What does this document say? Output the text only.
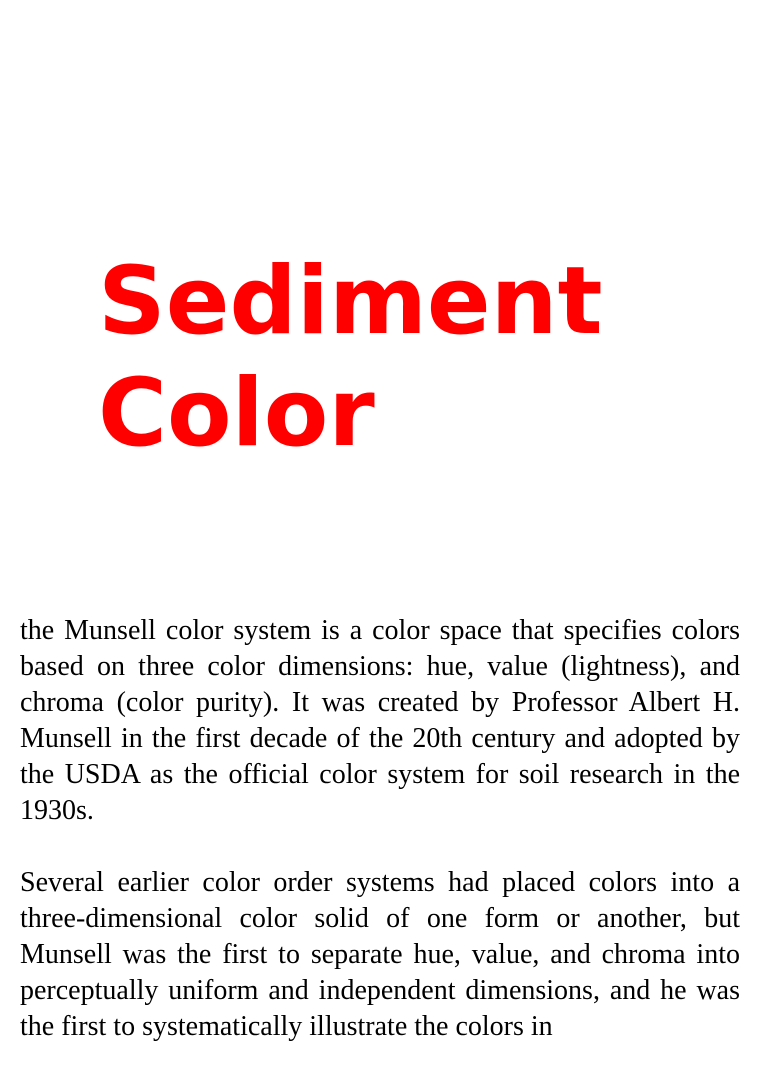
Sediment
Color

the Munsell color system is a color space that specifies colors based on three color dimensions: hue, value (lightness), and chroma (color purity). It was created by Professor Albert H. Munsell in the first decade of the 20th century and adopted by the USDA as the official color system for soil research in the 1930s.

Several earlier color order systems had placed colors into a three-dimensional color solid of one form or another, but Munsell was the first to separate hue, value, and chroma into perceptually uniform and independent dimensions, and he was the first to systematically illustrate the colors in
